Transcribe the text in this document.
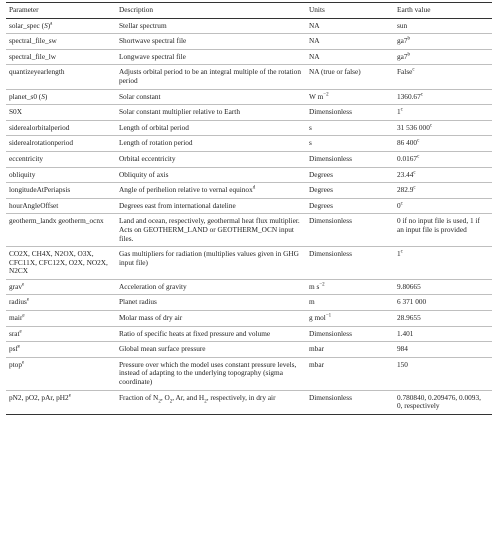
Parameter	Description	Units	Earth value
solar_spec $(S)^a$	Stellar spectrum	NA	sun
spectral_file_sw	Shortwave spectral file	NA	ga7$^b$
spectral_file_lw	Longwave spectral file	NA	ga7$^b$
quantizeyearlength	Adjusts orbital period to be an integral multiple of the rotation period	NA (true or false)	False$^c$
planet_s0 (S)	Solar constant	W $m^{-2}$	1360.67$^c$
S0X	Solar constant multiplier relative to Earth	Dimensionless	1$^c$
siderealorbitalperiod	Length of orbital period	s	31 536 000$^c$
siderealrotationperiod	Length of rotation period	s	86 400$^c$
eccentricity	Orbital eccentricity	Dimensionless	0.0167$^c$
obliquity	Obliquity of axis	Degrees	23.44$^c$
longitudeAtPeriapsis	Angle of perihelion relative to vernal equinox$^d$	Degrees	282.9$^c$
hourAngleOffset	Degrees east from international dateline	Degrees	0$^c$
geotherm_landx geotherm_ocnx	Land and ocean, respectively, geothermal heat flux multiplier. Acts on GEOTHERM_LAND or GEOTHERM_OCN input files.	Dimensionless	0 if no input file is used, 1 if an input file is provided
CO2X, CH4X, N2OX, O3X, CFC11X, CFC12X, O2X, NO2X, N2CX	Gas multipliers for radiation (multiplies values given in GHG input file)	Dimensionless	1$^c$
grav$^e$	Acceleration of gravity	m $s^{-2}$	9.80665
radius$^e$	Planet radius	m	6 371 000
mair$^e$	Molar mass of dry air	g mol$^{-1}$	28.9655
srat$^e$	Ratio of specific heats at fixed pressure and volume	Dimensionless	1.401
psf$^e$	Global mean surface pressure	mbar	984
ptop$^e$	Pressure over which the model uses constant pressure levels, instead of adapting to the underlying topography (sigma coordinate)	mbar	150
pN2, pO2, pAr, pH2e	Fraction of $N_2$, $O_2$, Ar, and $H_2$, respectively, in dry air	Dimensionless	0.780840, 0.209476, 0.0093, 0, respectively
